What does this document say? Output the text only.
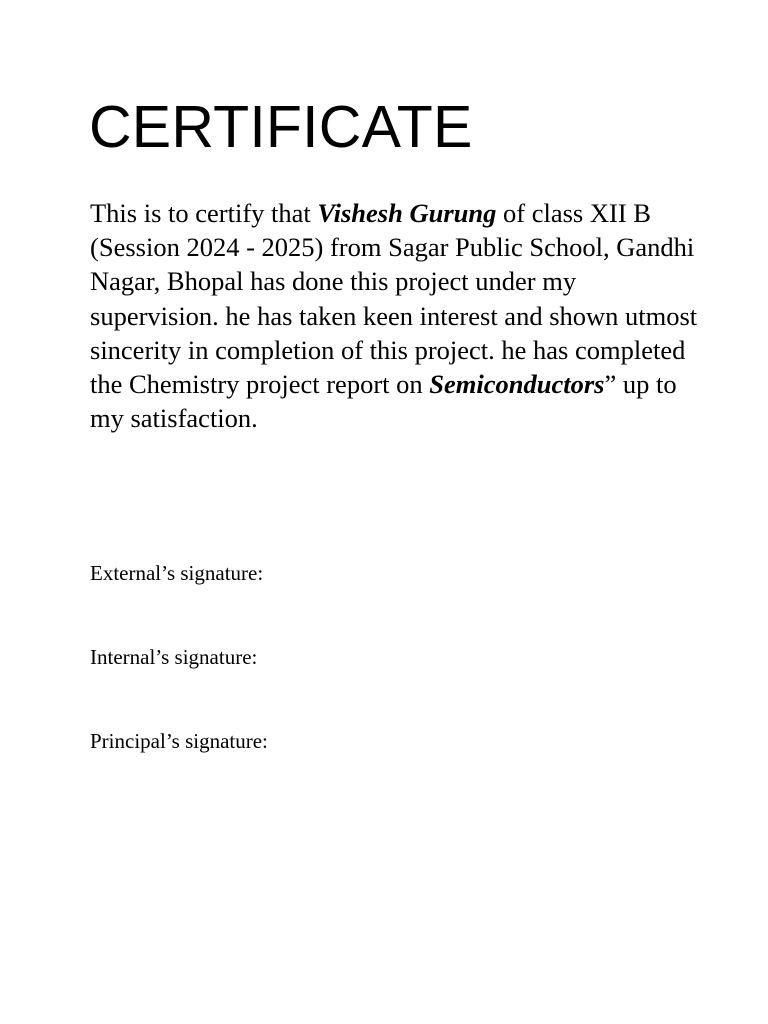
CERTIFICATE

This is to certify that Vishesh Gurung of class XII B (Session 2024 - 2025) from Sagar Public School, Gandhi Nagar, Bhopal has done this project under my supervision. he has taken keen interest and shown utmost sincerity in completion of this project. he has completed the Chemistry project report on Semiconductors” up to my satisfaction.

External’s signature:

Internal’s signature:

Principal’s signature:
